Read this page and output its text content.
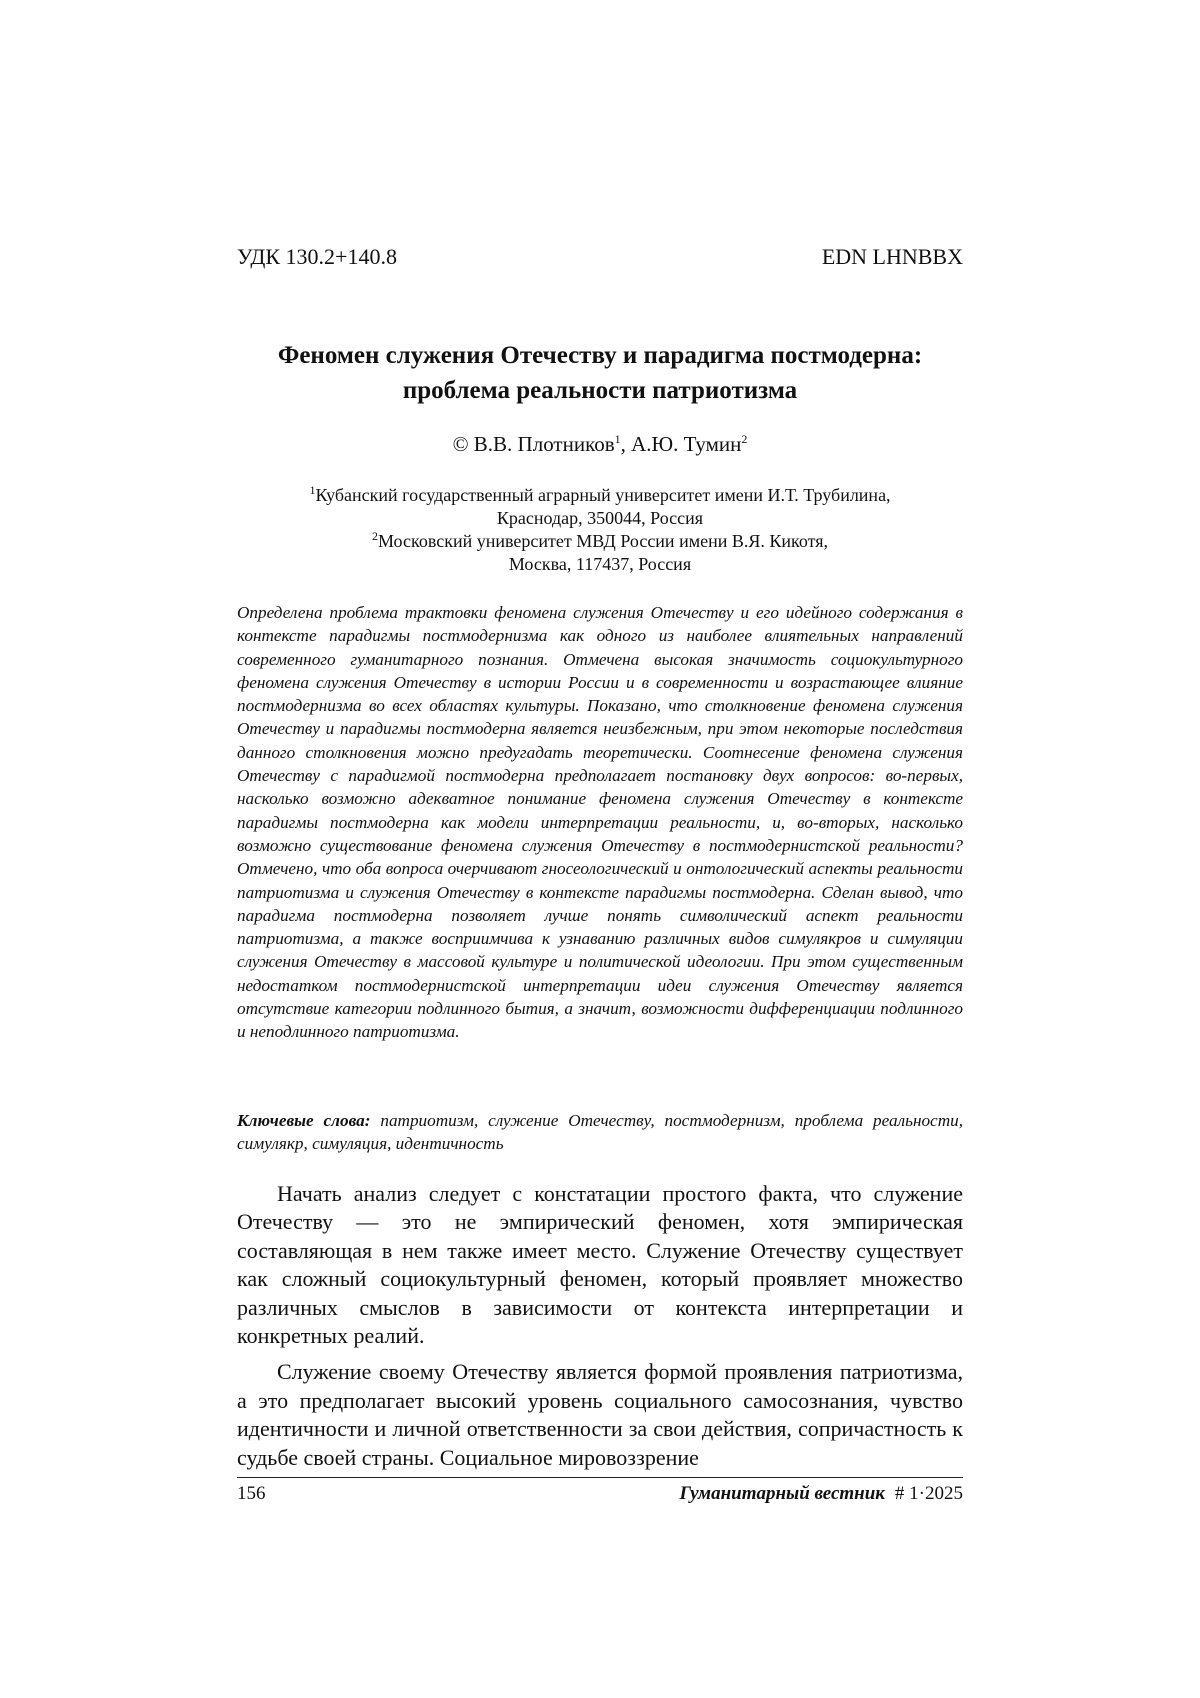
УДК 130.2+140.8	EDN LHNBBX
Феномен служения Отечеству и парадигма постмодерна:
проблема реальности патриотизма
© В.В. Плотников$^1$, А.Ю. Тумин$^2$
$^1$Кубанский государственный аграрный университет имени И.Т. Трубилина,
Краснодар, 350044, Россия
$^2$Московский университет МВД России имени В.Я. Кикотя,
Москва, 117437, Россия
Определена проблема трактовки феномена служения Отечеству и его идейного содержания в контексте парадигмы постмодернизма как одного из наиболее влиятельных направлений современного гуманитарного познания. Отмечена высокая значимость социокультурного феномена служения Отечеству в истории России и в современности и возрастающее влияние постмодернизма во всех областях культуры. Показано, что столкновение феномена служения Отечеству и парадигмы постмодерна является неизбежным, при этом некоторые последствия данного столкновения можно предугадать теоретически. Соотнесение феномена служения Отечеству с парадигмой постмодерна предполагает постановку двух вопросов: во-первых, насколько возможно адекватное понимание феномена служения Отечеству в контексте парадигмы постмодерна как модели интерпретации реальности, и, во-вторых, насколько возможно существование феномена служения Отечеству в постмодернистской реальности? Отмечено, что оба вопроса очерчивают гносеологический и онтологический аспекты реальности патриотизма и служения Отечеству в контексте парадигмы постмодерна. Сделан вывод, что парадигма постмодерна позволяет лучше понять символический аспект реальности патриотизма, а также восприимчива к узнаванию различных видов симулякров и симуляции служения Отечеству в массовой культуре и политической идеологии. При этом существенным недостатком постмодернистской интерпретации идеи служения Отечеству является отсутствие категории подлинного бытия, а значит, возможности дифференциации подлинного и неподлинного патриотизма.
Ключевые слова: патриотизм, служение Отечеству, постмодернизм, проблема реальности, симулякр, симуляция, идентичность

Начать анализ следует с констатации простого факта, что служение Отечеству — это не эмпирический феномен, хотя эмпирическая составляющая в нем также имеет место. Служение Отечеству существует как сложный социокультурный феномен, который проявляет множество различных смыслов в зависимости от контекста интерпретации и конкретных реалий.

Служение своему Отечеству является формой проявления патриотизма, а это предполагает высокий уровень социального самосознания, чувство идентичности и личной ответственности за свои действия, сопричастность к судьбе своей страны. Социальное мировоззрение

156	Гуманитарный вестник # 1·2025
